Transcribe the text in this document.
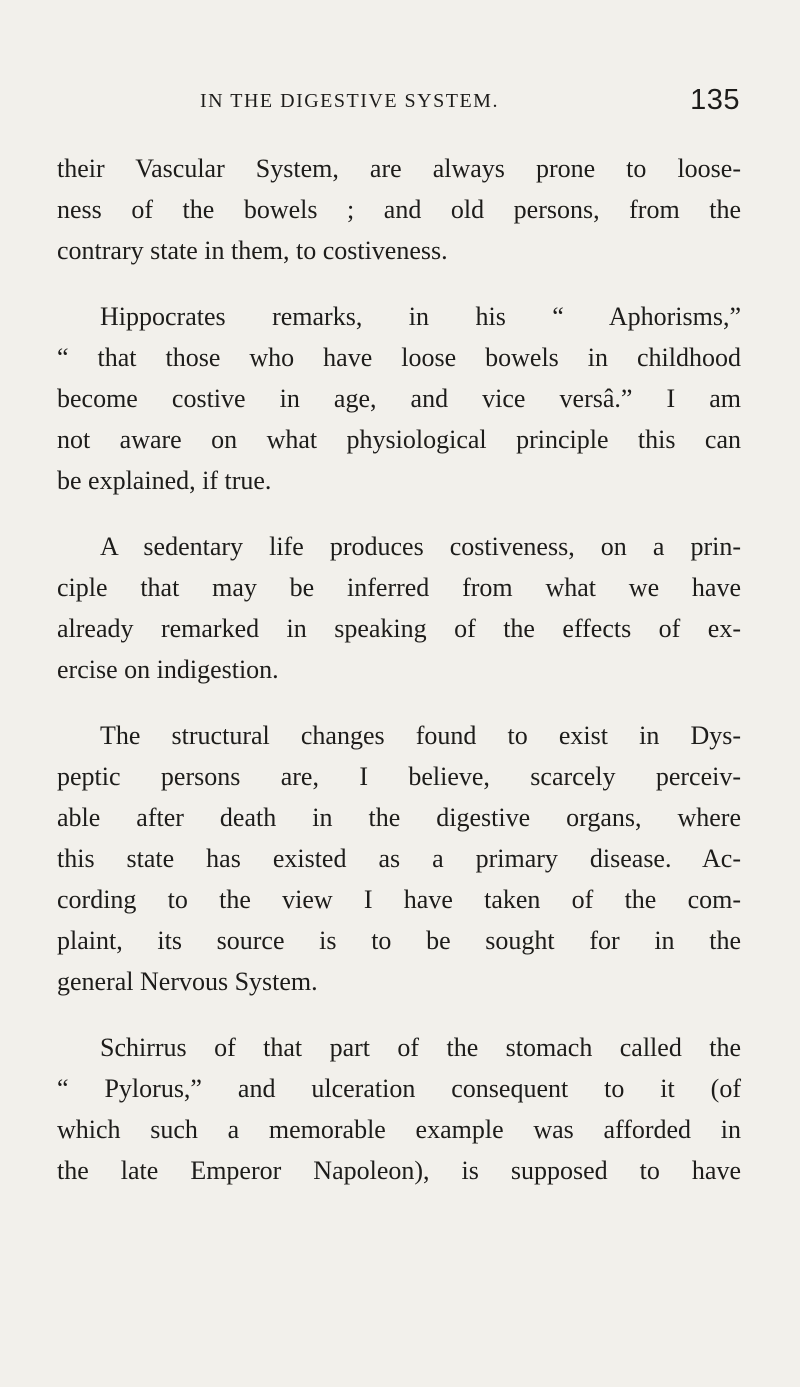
IN THE DIGESTIVE SYSTEM.	135
their Vascular System, are always prone to loose-
ness of the bowels ; and old persons, from the
contrary state in them, to costiveness.
Hippocrates remarks, in his “ Aphorisms,”
“ that those who have loose bowels in childhood
become costive in age, and vice versâ.” I am
not aware on what physiological principle this can
be explained, if true.
A sedentary life produces costiveness, on a prin-
ciple that may be inferred from what we have
already remarked in speaking of the effects of ex-
ercise on indigestion.
The structural changes found to exist in Dys-
peptic persons are, I believe, scarcely perceiv-
able after death in the digestive organs, where
this state has existed as a primary disease. Ac-
cording to the view I have taken of the com-
plaint, its source is to be sought for in the
general Nervous System.
Schirrus of that part of the stomach called the
“ Pylorus,” and ulceration consequent to it (of
which such a memorable example was afforded in
the late Emperor Napoleon), is supposed to have
